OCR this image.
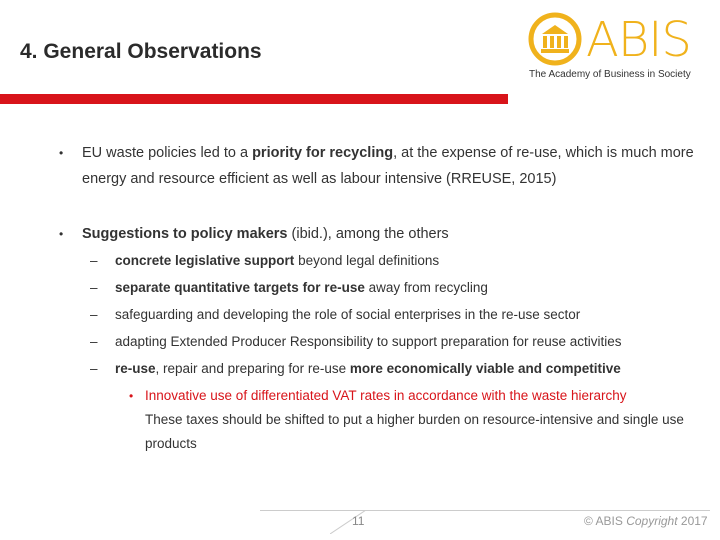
4. General Observations	ABIS
The Academy of Business in Society
• EU waste policies led to a priority for recycling, at the expense of re-use, which is much more energy and resource efficient as well as labour intensive (RREUSE, 2015)
• Suggestions to policy makers (ibid.), among the others
– concrete legislative support beyond legal definitions
– separate quantitative targets for re-use away from recycling
– safeguarding and developing the role of social enterprises in the re-use sector
– adapting Extended Producer Responsibility to support preparation for reuse activities
– re-use, repair and preparing for re-use more economically viable and competitive
• Innovative use of differentiated VAT rates in accordance with the waste hierarchy
These taxes should be shifted to put a higher burden on resource-intensive and single use products
11	© ABIS Copyright 2017
